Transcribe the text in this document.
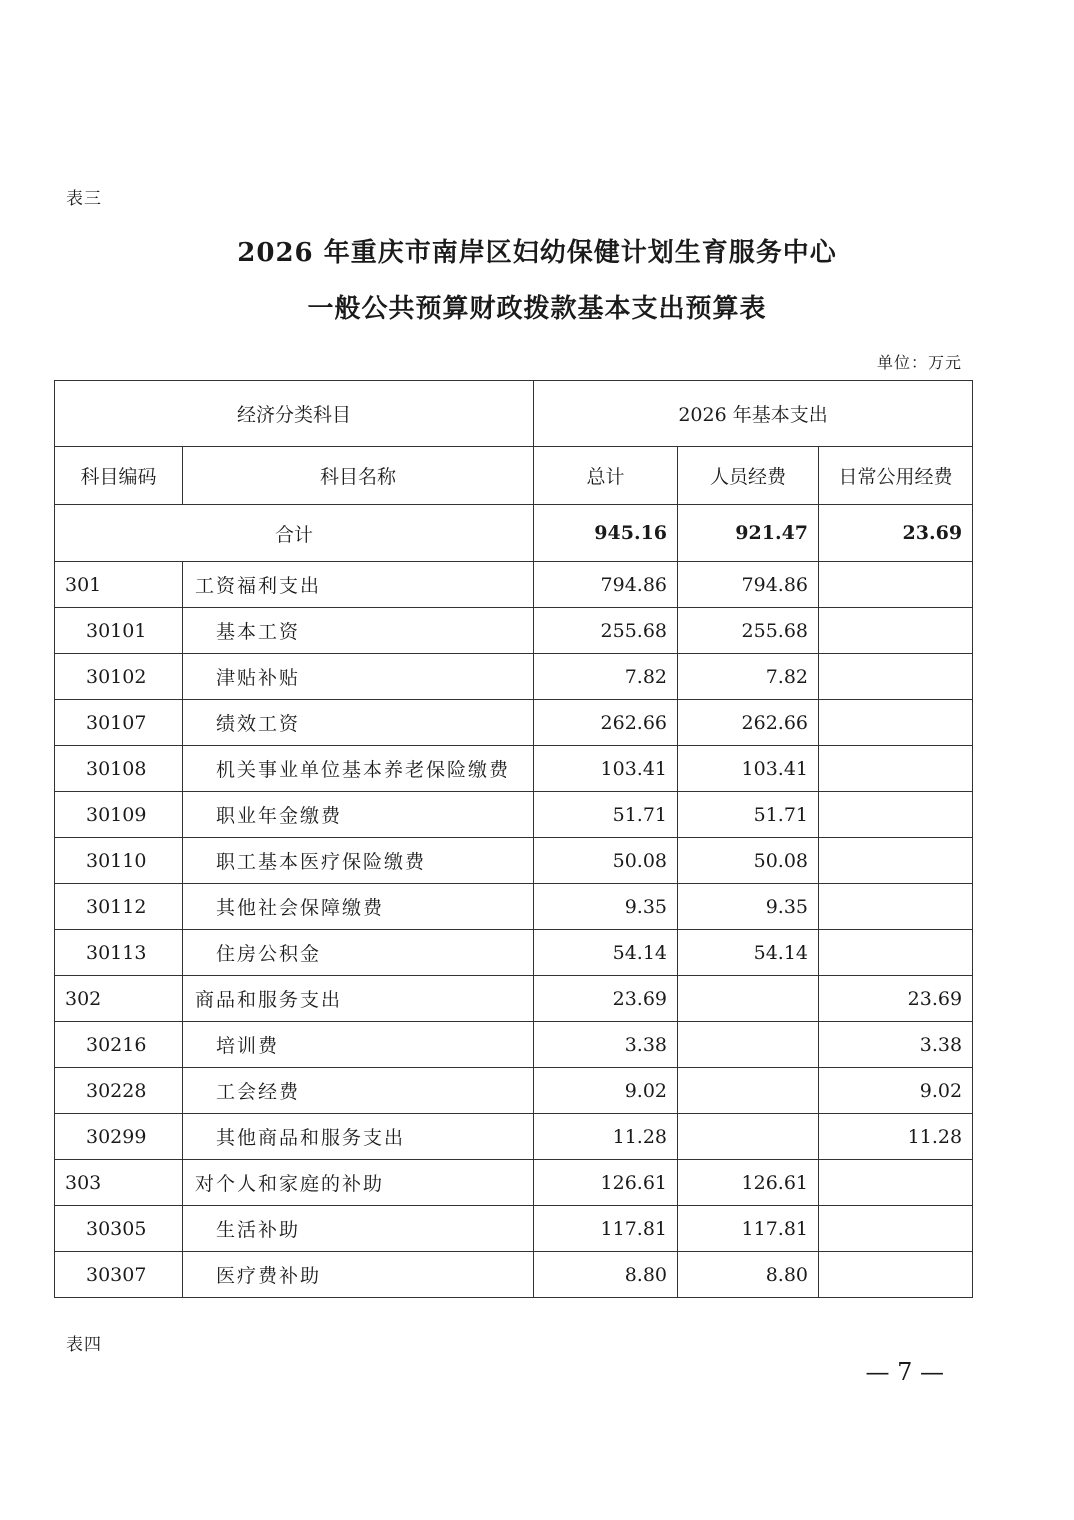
表三
2026 年重庆市南岸区妇幼保健计划生育服务中心
一般公共预算财政拨款基本支出预算表
单位：万元
经济分类科目		2026 年基本支出		
科目编码	科目名称	总计	人员经费	日常公用经费
合计		945.16	921.47	23.69
301	工资福利支出	794.86	794.86	
30101	基本工资	255.68	255.68	
30102	津贴补贴	7.82	7.82	
30107	绩效工资	262.66	262.66	
30108	机关事业单位基本养老保险缴费	103.41	103.41	
30109	职业年金缴费	51.71	51.71	
30110	职工基本医疗保险缴费	50.08	50.08	
30112	其他社会保障缴费	9.35	9.35	
30113	住房公积金	54.14	54.14	
302	商品和服务支出	23.69		23.69
30216	培训费	3.38		3.38
30228	工会经费	9.02		9.02
30299	其他商品和服务支出	11.28		11.28
303	对个人和家庭的补助	126.61	126.61	
30305	生活补助	117.81	117.81	
30307	医疗费补助	8.80	8.80	
表四
— 7 —
